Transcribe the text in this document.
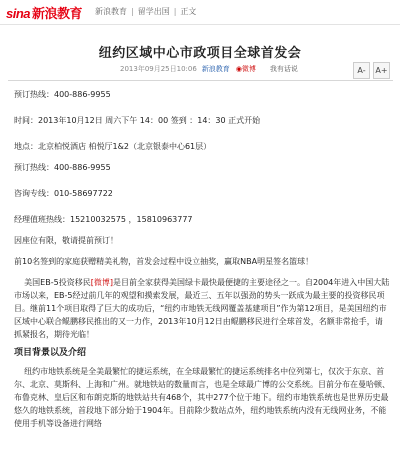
sina 新浪教育 新浪教育 | 留学出国 | 正文
纽约区域中心市政项目全球首发会
2013年09月25日10:06 新浪教育 ◉微博 我有话说	A- A+

预订热线：400-886-9955

时间：2013年10月12日 周六下午 14：00 签到 ：14：30 正式开始

地点：北京柏悦酒店 柏悦厅1&2（北京银泰中心61层）

预订热线：400-886-9955

咨询专线：010-58697722

经理值班热线：15210032575 ，15810963777

因座位有限，敬请提前预订！

前10名签到的家庭获赠精美礼物，首发会过程中设立抽奖，赢取NBA明星签名篮球！

美国EB-5投资移民[微博]是目前全家获得美国绿卡最快最便捷的主要途径之一。自2004年进入中国大陆市场以来，EB-5经过前几年的观望和摸索发展，最近三、五年以强劲的势头一跃成为最主要的投资移民项目。继前11个项目取得了巨大的成功后，“纽约市地铁无线网覆盖基建项目”作为第12项目，是美国纽约市区域中心联合鲲鹏移民推出的又一力作，2013年10月12日由鲲鹏移民进行全球首发，名额非常抢手，请抓紧报名，期待光临！

项目背景以及介绍

纽约市地铁系统是全美最繁忙的捷运系统，在全球最繁忙的捷运系统排名中位列第七，仅次于东京、首尔、北京、莫斯科、上海和广州。就地铁站的数量而言，也是全球最广博的公交系统。目前分布在曼哈顿、布鲁克林、皇后区和布朗克斯的地铁站共有468个，其中277个位于地下。纽约市地铁系统也是世界历史最悠久的地铁系统，首段地下部分始于1904年。目前除少数站点外，纽约地铁系统内没有无线网业务，不能使用手机等设备进行网络
